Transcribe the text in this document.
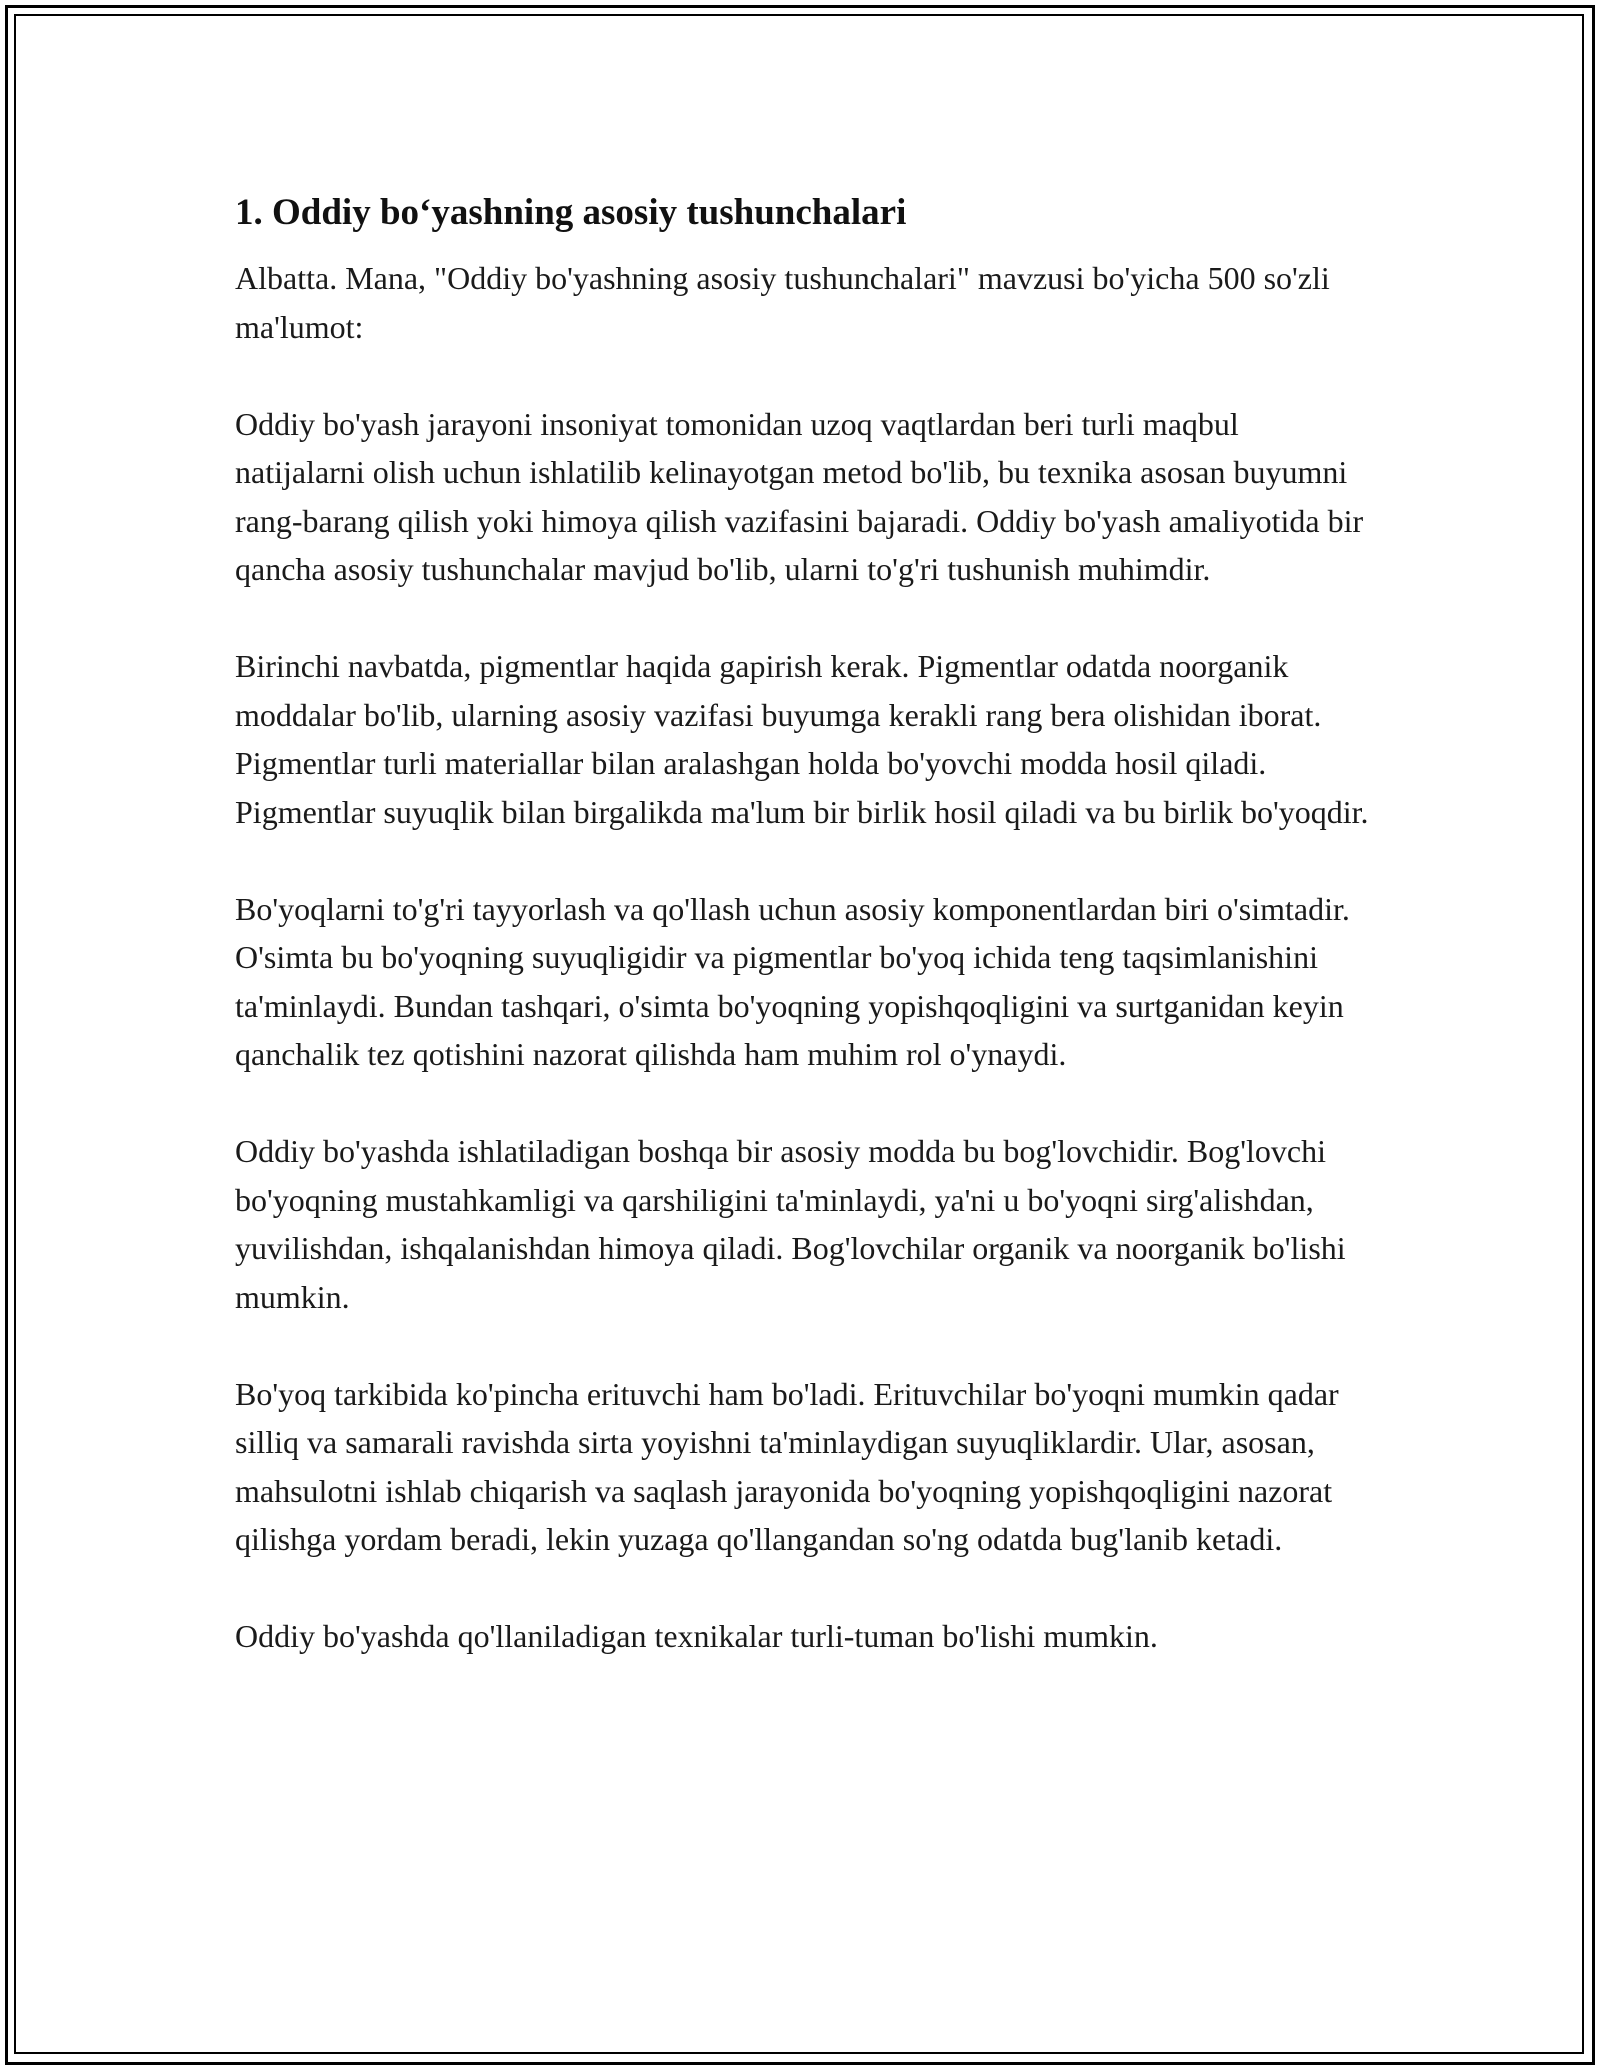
1. Oddiy bo‘yashning asosiy tushunchalari

Albatta. Mana, "Oddiy bo'yashning asosiy tushunchalari" mavzusi bo'yicha 500 so'zli ma'lumot:

Oddiy bo'yash jarayoni insoniyat tomonidan uzoq vaqtlardan beri turli maqbul natijalarni olish uchun ishlatilib kelinayotgan metod bo'lib, bu texnika asosan buyumni rang-barang qilish yoki himoya qilish vazifasini bajaradi. Oddiy bo'yash amaliyotida bir qancha asosiy tushunchalar mavjud bo'lib, ularni to'g'ri tushunish muhimdir.

Birinchi navbatda, pigmentlar haqida gapirish kerak. Pigmentlar odatda noorganik moddalar bo'lib, ularning asosiy vazifasi buyumga kerakli rang bera olishidan iborat. Pigmentlar turli materiallar bilan aralashgan holda bo'yovchi modda hosil qiladi. Pigmentlar suyuqlik bilan birgalikda ma'lum bir birlik hosil qiladi va bu birlik bo'yoqdir.

Bo'yoqlarni to'g'ri tayyorlash va qo'llash uchun asosiy komponentlardan biri o'simtadir. O'simta bu bo'yoqning suyuqligidir va pigmentlar bo'yoq ichida teng taqsimlanishini ta'minlaydi. Bundan tashqari, o'simta bo'yoqning yopishqoqligini va surtganidan keyin qanchalik tez qotishini nazorat qilishda ham muhim rol o'ynaydi.

Oddiy bo'yashda ishlatiladigan boshqa bir asosiy modda bu bog'lovchidir. Bog'lovchi bo'yoqning mustahkamligi va qarshiligini ta'minlaydi, ya'ni u bo'yoqni sirg'alishdan, yuvilishdan, ishqalanishdan himoya qiladi. Bog'lovchilar organik va noorganik bo'lishi mumkin.

Bo'yoq tarkibida ko'pincha erituvchi ham bo'ladi. Erituvchilar bo'yoqni mumkin qadar silliq va samarali ravishda sirta yoyishni ta'minlaydigan suyuqliklardir. Ular, asosan, mahsulotni ishlab chiqarish va saqlash jarayonida bo'yoqning yopishqoqligini nazorat qilishga yordam beradi, lekin yuzaga qo'llangandan so'ng odatda bug'lanib ketadi.

Oddiy bo'yashda qo'llaniladigan texnikalar turli-tuman bo'lishi mumkin.
